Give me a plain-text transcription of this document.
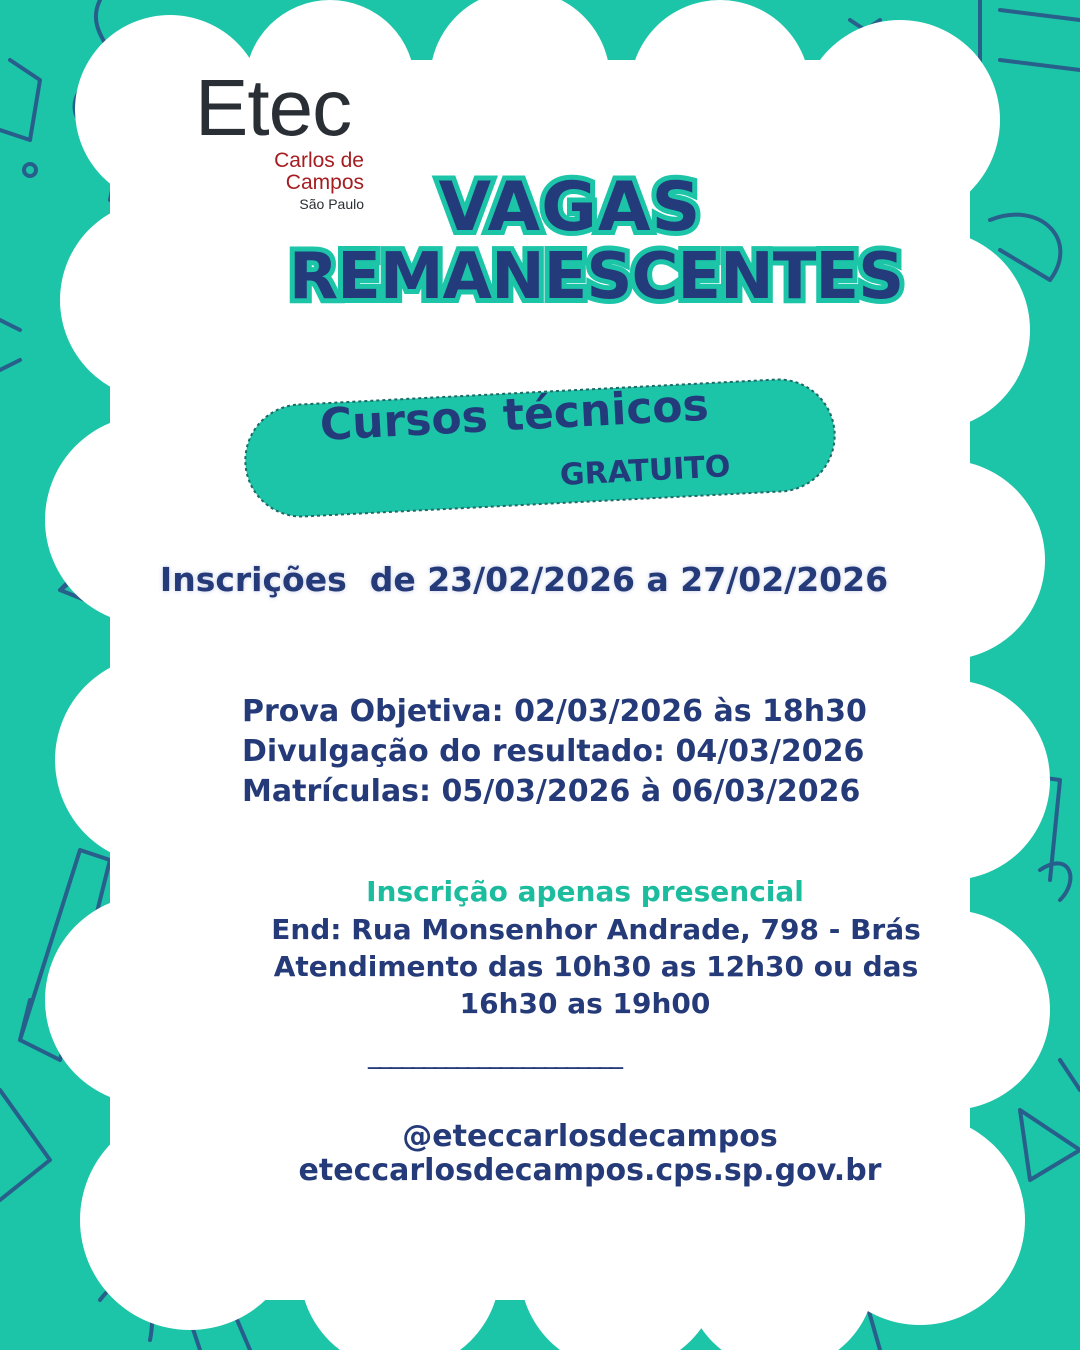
Etec
Carlos de
Campos
São Paulo	VAGAS
REMANESCENTES
Cursos técnicos
GRATUITO
Inscrições  de 23/02/2026 a 27/02/2026
Prova Objetiva: 02/03/2026 às 18h30
Divulgação do resultado: 04/03/2026
Matrículas: 05/03/2026 à 06/03/2026
Inscrição apenas presencial
End: Rua Monsenhor Andrade, 798 - Brás
Atendimento das 10h30 as 12h30 ou das
16h30 as 19h00
_______________________
@eteccarlosdecampos
eteccarlosdecampos.cps.sp.gov.br
